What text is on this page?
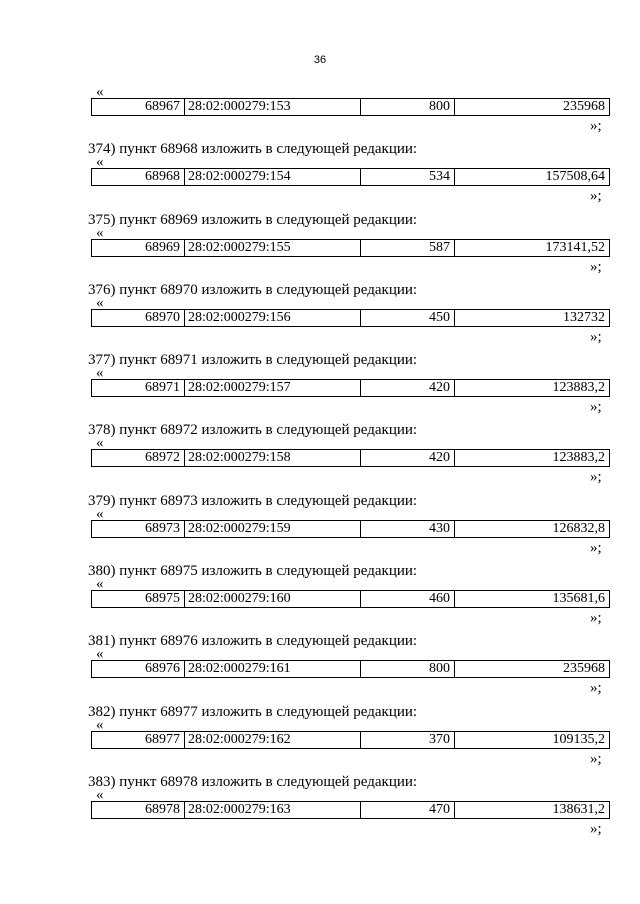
36
«
68967	28:02:000279:153	800	235968
»;
374) пункт 68968 изложить в следующей редакции:
«
68968	28:02:000279:154	534	157508,64
»;
375) пункт 68969 изложить в следующей редакции:
«
68969	28:02:000279:155	587	173141,52
»;
376) пункт 68970 изложить в следующей редакции:
«
68970	28:02:000279:156	450	132732
»;
377) пункт 68971 изложить в следующей редакции:
«
68971	28:02:000279:157	420	123883,2
»;
378) пункт 68972 изложить в следующей редакции:
«
68972	28:02:000279:158	420	123883,2
»;
379) пункт 68973 изложить в следующей редакции:
«
68973	28:02:000279:159	430	126832,8
»;
380) пункт 68975 изложить в следующей редакции:
«
68975	28:02:000279:160	460	135681,6
»;
381) пункт 68976 изложить в следующей редакции:
«
68976	28:02:000279:161	800	235968
»;
382) пункт 68977 изложить в следующей редакции:
«
68977	28:02:000279:162	370	109135,2
»;
383) пункт 68978 изложить в следующей редакции:
«
68978	28:02:000279:163	470	138631,2
»;
